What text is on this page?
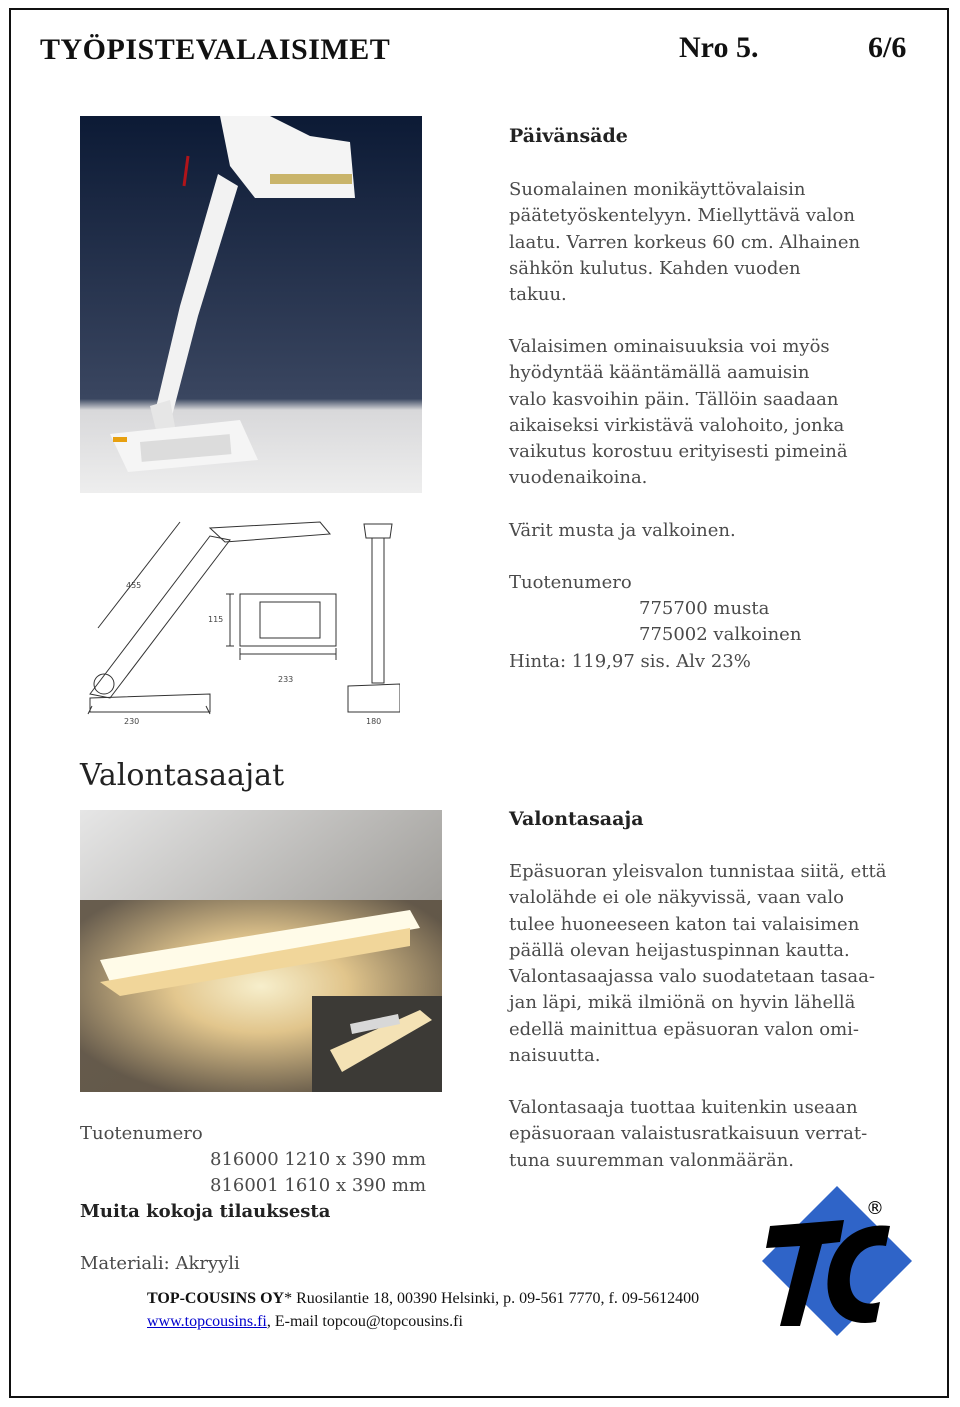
TYÖPISTEVALAISIMET	Nro 5.	6/6
455
115
233
230	180
Päivänsäde
Suomalainen monikäyttövalaisin
päätetyöskentelyyn. Miellyttävä valon
laatu. Varren korkeus 60 cm. Alhainen
sähkön kulutus. Kahden vuoden
takuu.
Valaisimen ominaisuuksia voi myös
hyödyntää kääntämällä aamuisin
valo kasvoihin päin. Tällöin saadaan
aikaiseksi virkistävä valohoito, jonka
vaikutus korostuu erityisesti pimeinä
vuodenaikoina.
Värit musta ja valkoinen.
Tuotenumero
775700 musta
775002 valkoinen
Hinta: 119,97 sis. Alv 23%
Valontasaajat
Valontasaaja
Epäsuoran yleisvalon tunnistaa siitä, että
valolähde ei ole näkyvissä, vaan valo
tulee huoneeseen katon tai valaisimen
päällä olevan heijastuspinnan kautta.
Valontasaajassa valo suodatetaan tasaa-
jan läpi, mikä ilmiönä on hyvin lähellä
edellä mainittua epäsuoran valon omi-
naisuutta.
Valontasaaja tuottaa kuitenkin useaan
epäsuoraan valaistusratkaisuun verrat-
tuna suuremman valonmäärän.
Tuotenumero
816000 1210 x 390 mm
816001 1610 x 390 mm
Muita kokoja tilauksesta
Materiali: Akryyli
TOP-COUSINS OY* Ruosilantie 18, 00390 Helsinki, p. 09-561 7770, f. 09-5612400
www.topcousins.fi, E-mail topcou@topcousins.fi
®
